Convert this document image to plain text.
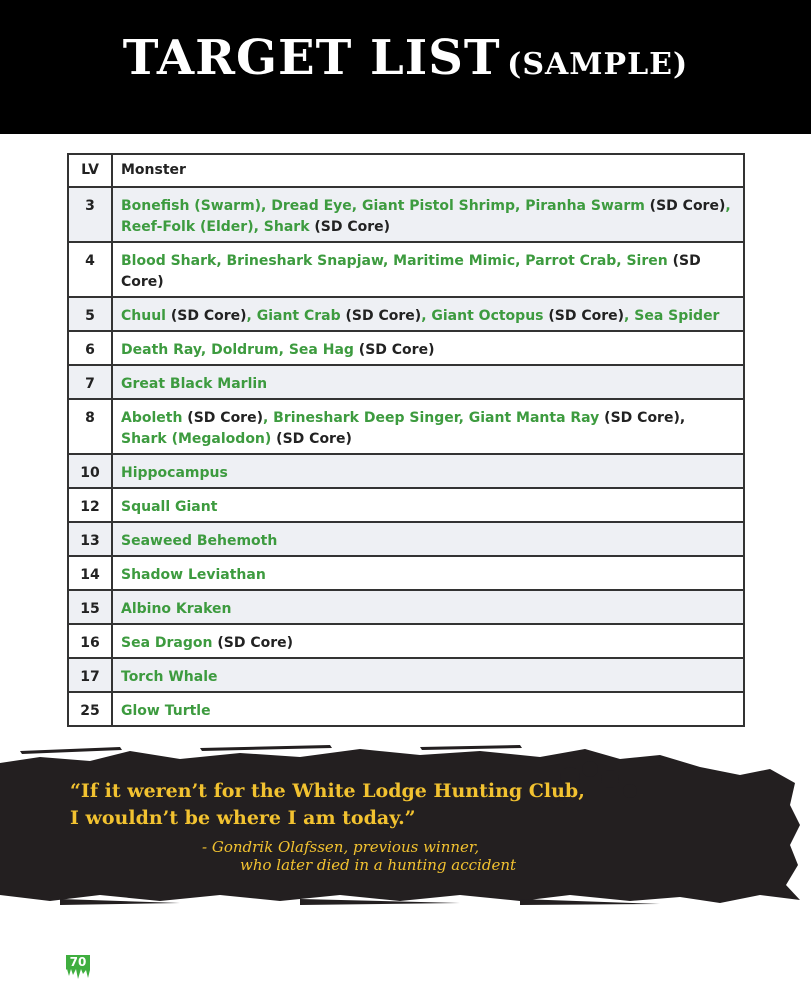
TARGET LIST (SAMPLE)
LV	Monster
3	Bonefish (Swarm), Dread Eye, Giant Pistol Shrimp, Piranha Swarm (SD Core),
Reef-Folk (Elder), Shark (SD Core)
4	Blood Shark, Brineshark Snapjaw, Maritime Mimic, Parrot Crab, Siren (SD Core)
5	Chuul (SD Core), Giant Crab (SD Core), Giant Octopus (SD Core), Sea Spider
6	Death Ray, Doldrum, Sea Hag (SD Core)
7	Great Black Marlin
8	Aboleth (SD Core), Brineshark Deep Singer, Giant Manta Ray (SD Core),
Shark (Megalodon) (SD Core)
10	Hippocampus
12	Squall Giant
13	Seaweed Behemoth
14	Shadow Leviathan
15	Albino Kraken
16	Sea Dragon (SD Core)
17	Torch Whale
25	Glow Turtle
“If it weren’t for the White Lodge Hunting Club,
I wouldn’t be where I am today.”
- Gondrik Olafssen, previous winner,
who later died in a hunting accident
70
